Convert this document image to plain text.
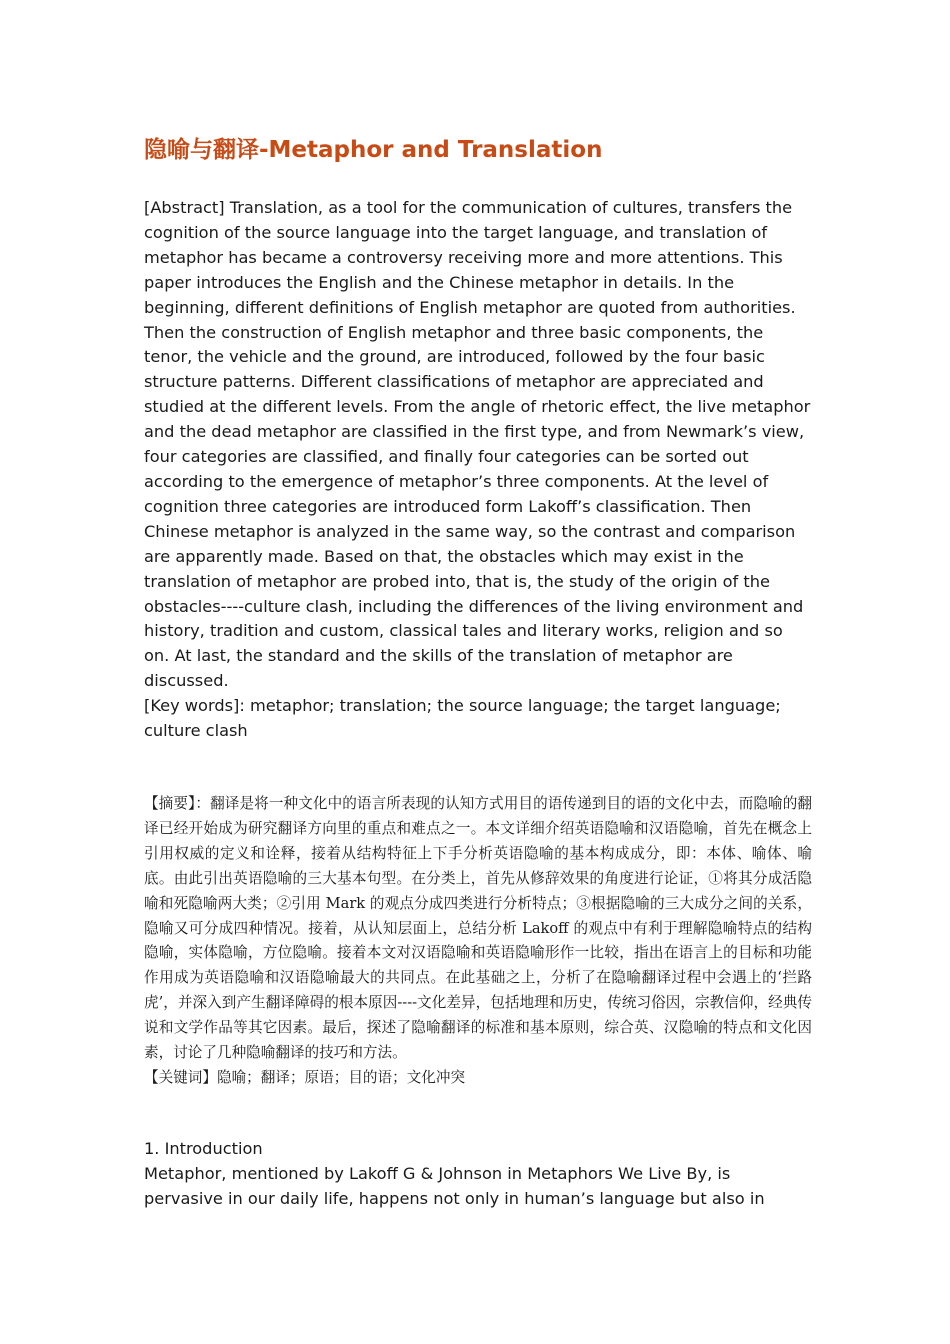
隐喻与翻译-Metaphor and Translation

[Abstract] Translation, as a tool for the communication of cultures, transfers the cognition of the source language into the target language, and translation of metaphor has became a controversy receiving more and more attentions. This paper introduces the English and the Chinese metaphor in details. In the beginning, different definitions of English metaphor are quoted from authorities. Then the construction of English metaphor and three basic components, the tenor, the vehicle and the ground, are introduced, followed by the four basic structure patterns. Different classifications of metaphor are appreciated and studied at the different levels. From the angle of rhetoric effect, the live metaphor and the dead metaphor are classified in the first type, and from Newmark’s view, four categories are classified, and finally four categories can be sorted out according to the emergence of metaphor’s three components. At the level of cognition three categories are introduced form Lakoff’s classification. Then Chinese metaphor is analyzed in the same way, so the contrast and comparison are apparently made. Based on that, the obstacles which may exist in the translation of metaphor are probed into, that is, the study of the origin of the obstacles----culture clash, including the differences of the living environment and history, tradition and custom, classical tales and literary works, religion and so on. At last, the standard and the skills of the translation of metaphor are discussed.

[Key words]: metaphor; translation; the source language; the target language; culture clash

【摘要】：翻译是将一种文化中的语言所表现的认知方式用目的语传递到目的语的文化中去，而隐喻的翻译已经开始成为研究翻译方向里的重点和难点之一。本文详细介绍英语隐喻和汉语隐喻，首先在概念上引用权威的定义和诠释，接着从结构特征上下手分析英语隐喻的基本构成成分，即：本体、喻体、喻底。由此引出英语隐喻的三大基本句型。在分类上，首先从修辞效果的角度进行论证，①将其分成活隐喻和死隐喻两大类；②引用 Mark 的观点分成四类进行分析特点；③根据隐喻的三大成分之间的关系，隐喻又可分成四种情况。接着，从认知层面上，总结分析 Lakoff 的观点中有利于理解隐喻特点的结构隐喻，实体隐喻，方位隐喻。接着本文对汉语隐喻和英语隐喻形作一比较，指出在语言上的目标和功能作用成为英语隐喻和汉语隐喻最大的共同点。在此基础之上，分析了在隐喻翻译过程中会遇上的‘拦路虎’，并深入到产生翻译障碍的根本原因----文化差异，包括地理和历史，传统习俗因，宗教信仰，经典传说和文学作品等其它因素。最后，探述了隐喻翻译的标准和基本原则，综合英、汉隐喻的特点和文化因素，讨论了几种隐喻翻译的技巧和方法。

【关键词】隐喻；翻译；原语；目的语；文化冲突

1. Introduction

Metaphor, mentioned by Lakoff G & Johnson in Metaphors We Live By, is pervasive in our daily life, happens not only in human’s language but also in
